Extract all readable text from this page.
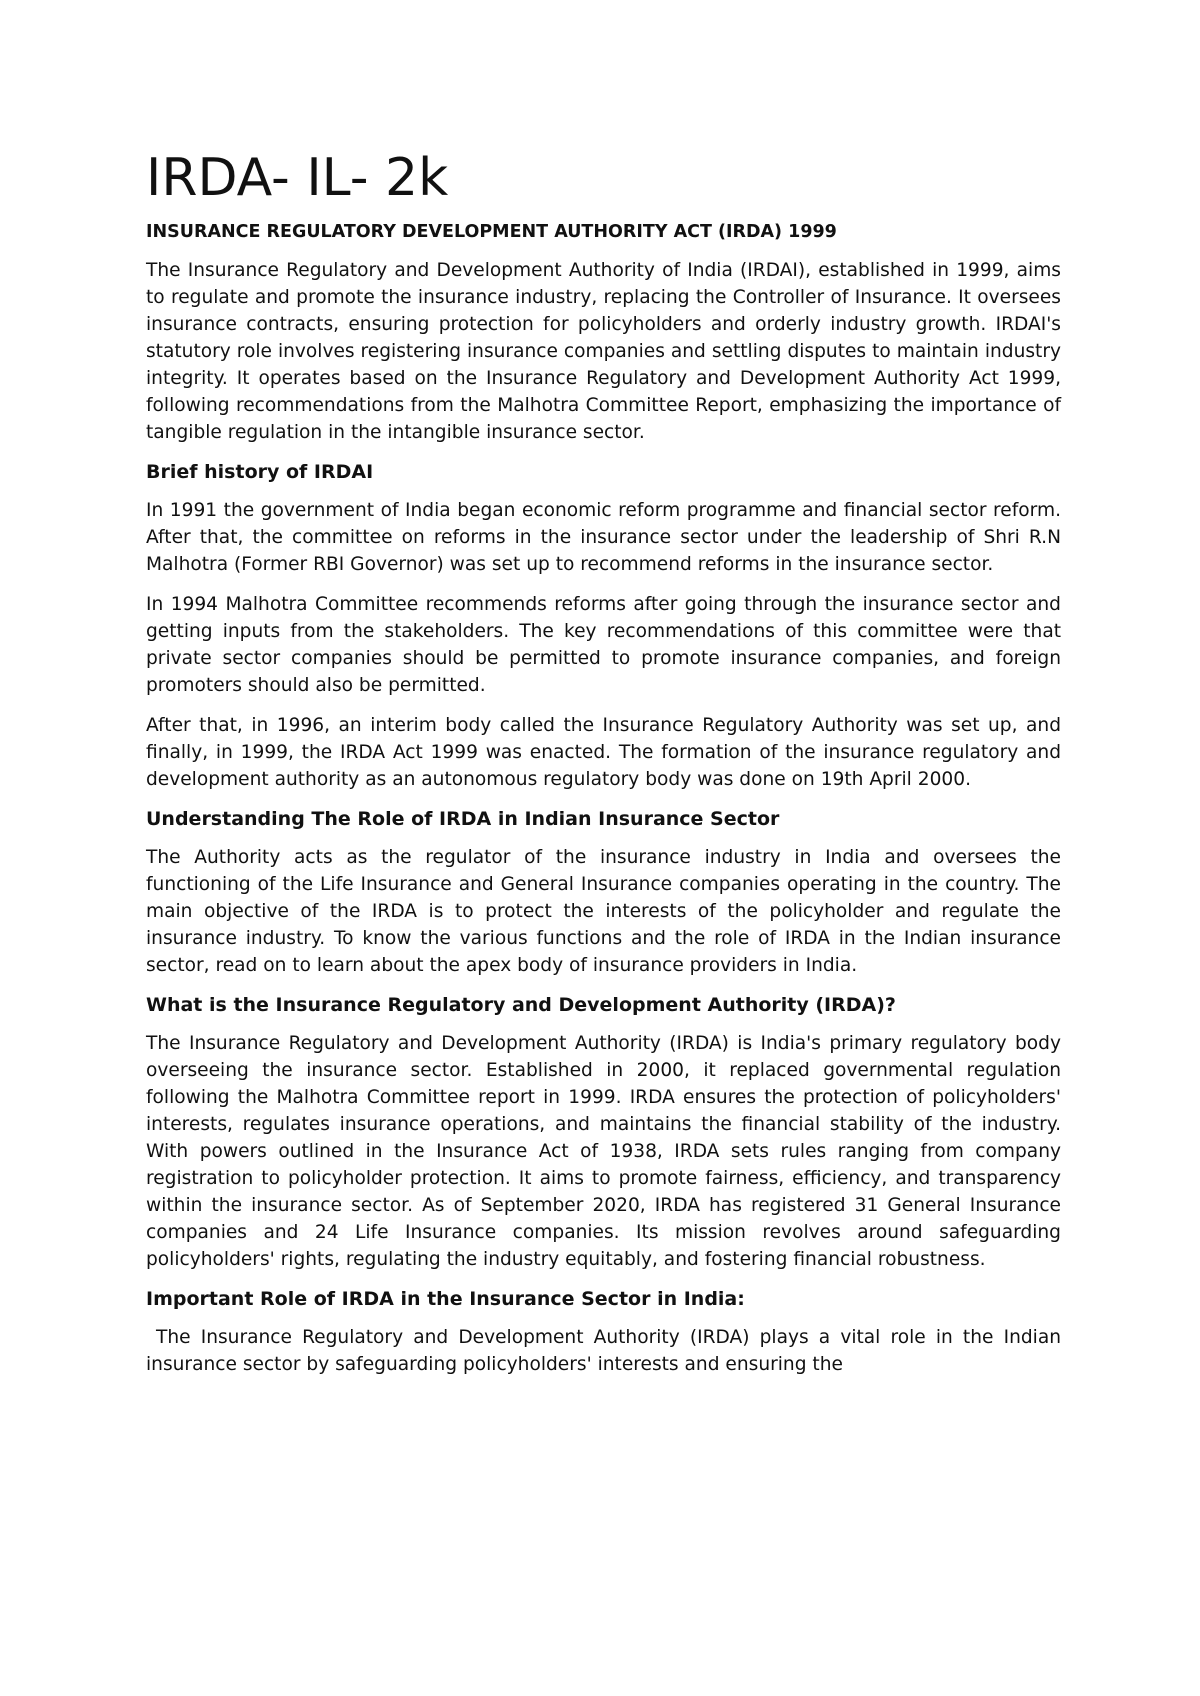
IRDA- IL- 2k
INSURANCE REGULATORY DEVELOPMENT AUTHORITY ACT (IRDA) 1999

The Insurance Regulatory and Development Authority of India (IRDAI), established in 1999, aims to regulate and promote the insurance industry, replacing the Controller of Insurance. It oversees insurance contracts, ensuring protection for policyholders and orderly industry growth. IRDAI's statutory role involves registering insurance companies and settling disputes to maintain industry integrity. It operates based on the Insurance Regulatory and Development Authority Act 1999, following recommendations from the Malhotra Committee Report, emphasizing the importance of tangible regulation in the intangible insurance sector.

Brief history of IRDAI

In 1991 the government of India began economic reform programme and financial sector reform. After that, the committee on reforms in the insurance sector under the leadership of Shri R.N Malhotra (Former RBI Governor) was set up to recommend reforms in the insurance sector.

In 1994 Malhotra Committee recommends reforms after going through the insurance sector and getting inputs from the stakeholders. The key recommendations of this committee were that private sector companies should be permitted to promote insurance companies, and foreign promoters should also be permitted.

After that, in 1996, an interim body called the Insurance Regulatory Authority was set up, and finally, in 1999, the IRDA Act 1999 was enacted. The formation of the insurance regulatory and development authority as an autonomous regulatory body was done on 19th April 2000.

Understanding The Role of IRDA in Indian Insurance Sector

The Authority acts as the regulator of the insurance industry in India and oversees the functioning of the Life Insurance and General Insurance companies operating in the country. The main objective of the IRDA is to protect the interests of the policyholder and regulate the insurance industry. To know the various functions and the role of IRDA in the Indian insurance sector, read on to learn about the apex body of insurance providers in India.

What is the Insurance Regulatory and Development Authority (IRDA)?

The Insurance Regulatory and Development Authority (IRDA) is India's primary regulatory body overseeing the insurance sector. Established in 2000, it replaced governmental regulation following the Malhotra Committee report in 1999. IRDA ensures the protection of policyholders' interests, regulates insurance operations, and maintains the financial stability of the industry. With powers outlined in the Insurance Act of 1938, IRDA sets rules ranging from company registration to policyholder protection. It aims to promote fairness, efficiency, and transparency within the insurance sector. As of September 2020, IRDA has registered 31 General Insurance companies and 24 Life Insurance companies. Its mission revolves around safeguarding policyholders' rights, regulating the industry equitably, and fostering financial robustness.

Important Role of IRDA in the Insurance Sector in India:

The Insurance Regulatory and Development Authority (IRDA) plays a vital role in the Indian insurance sector by safeguarding policyholders' interests and ensuring the
